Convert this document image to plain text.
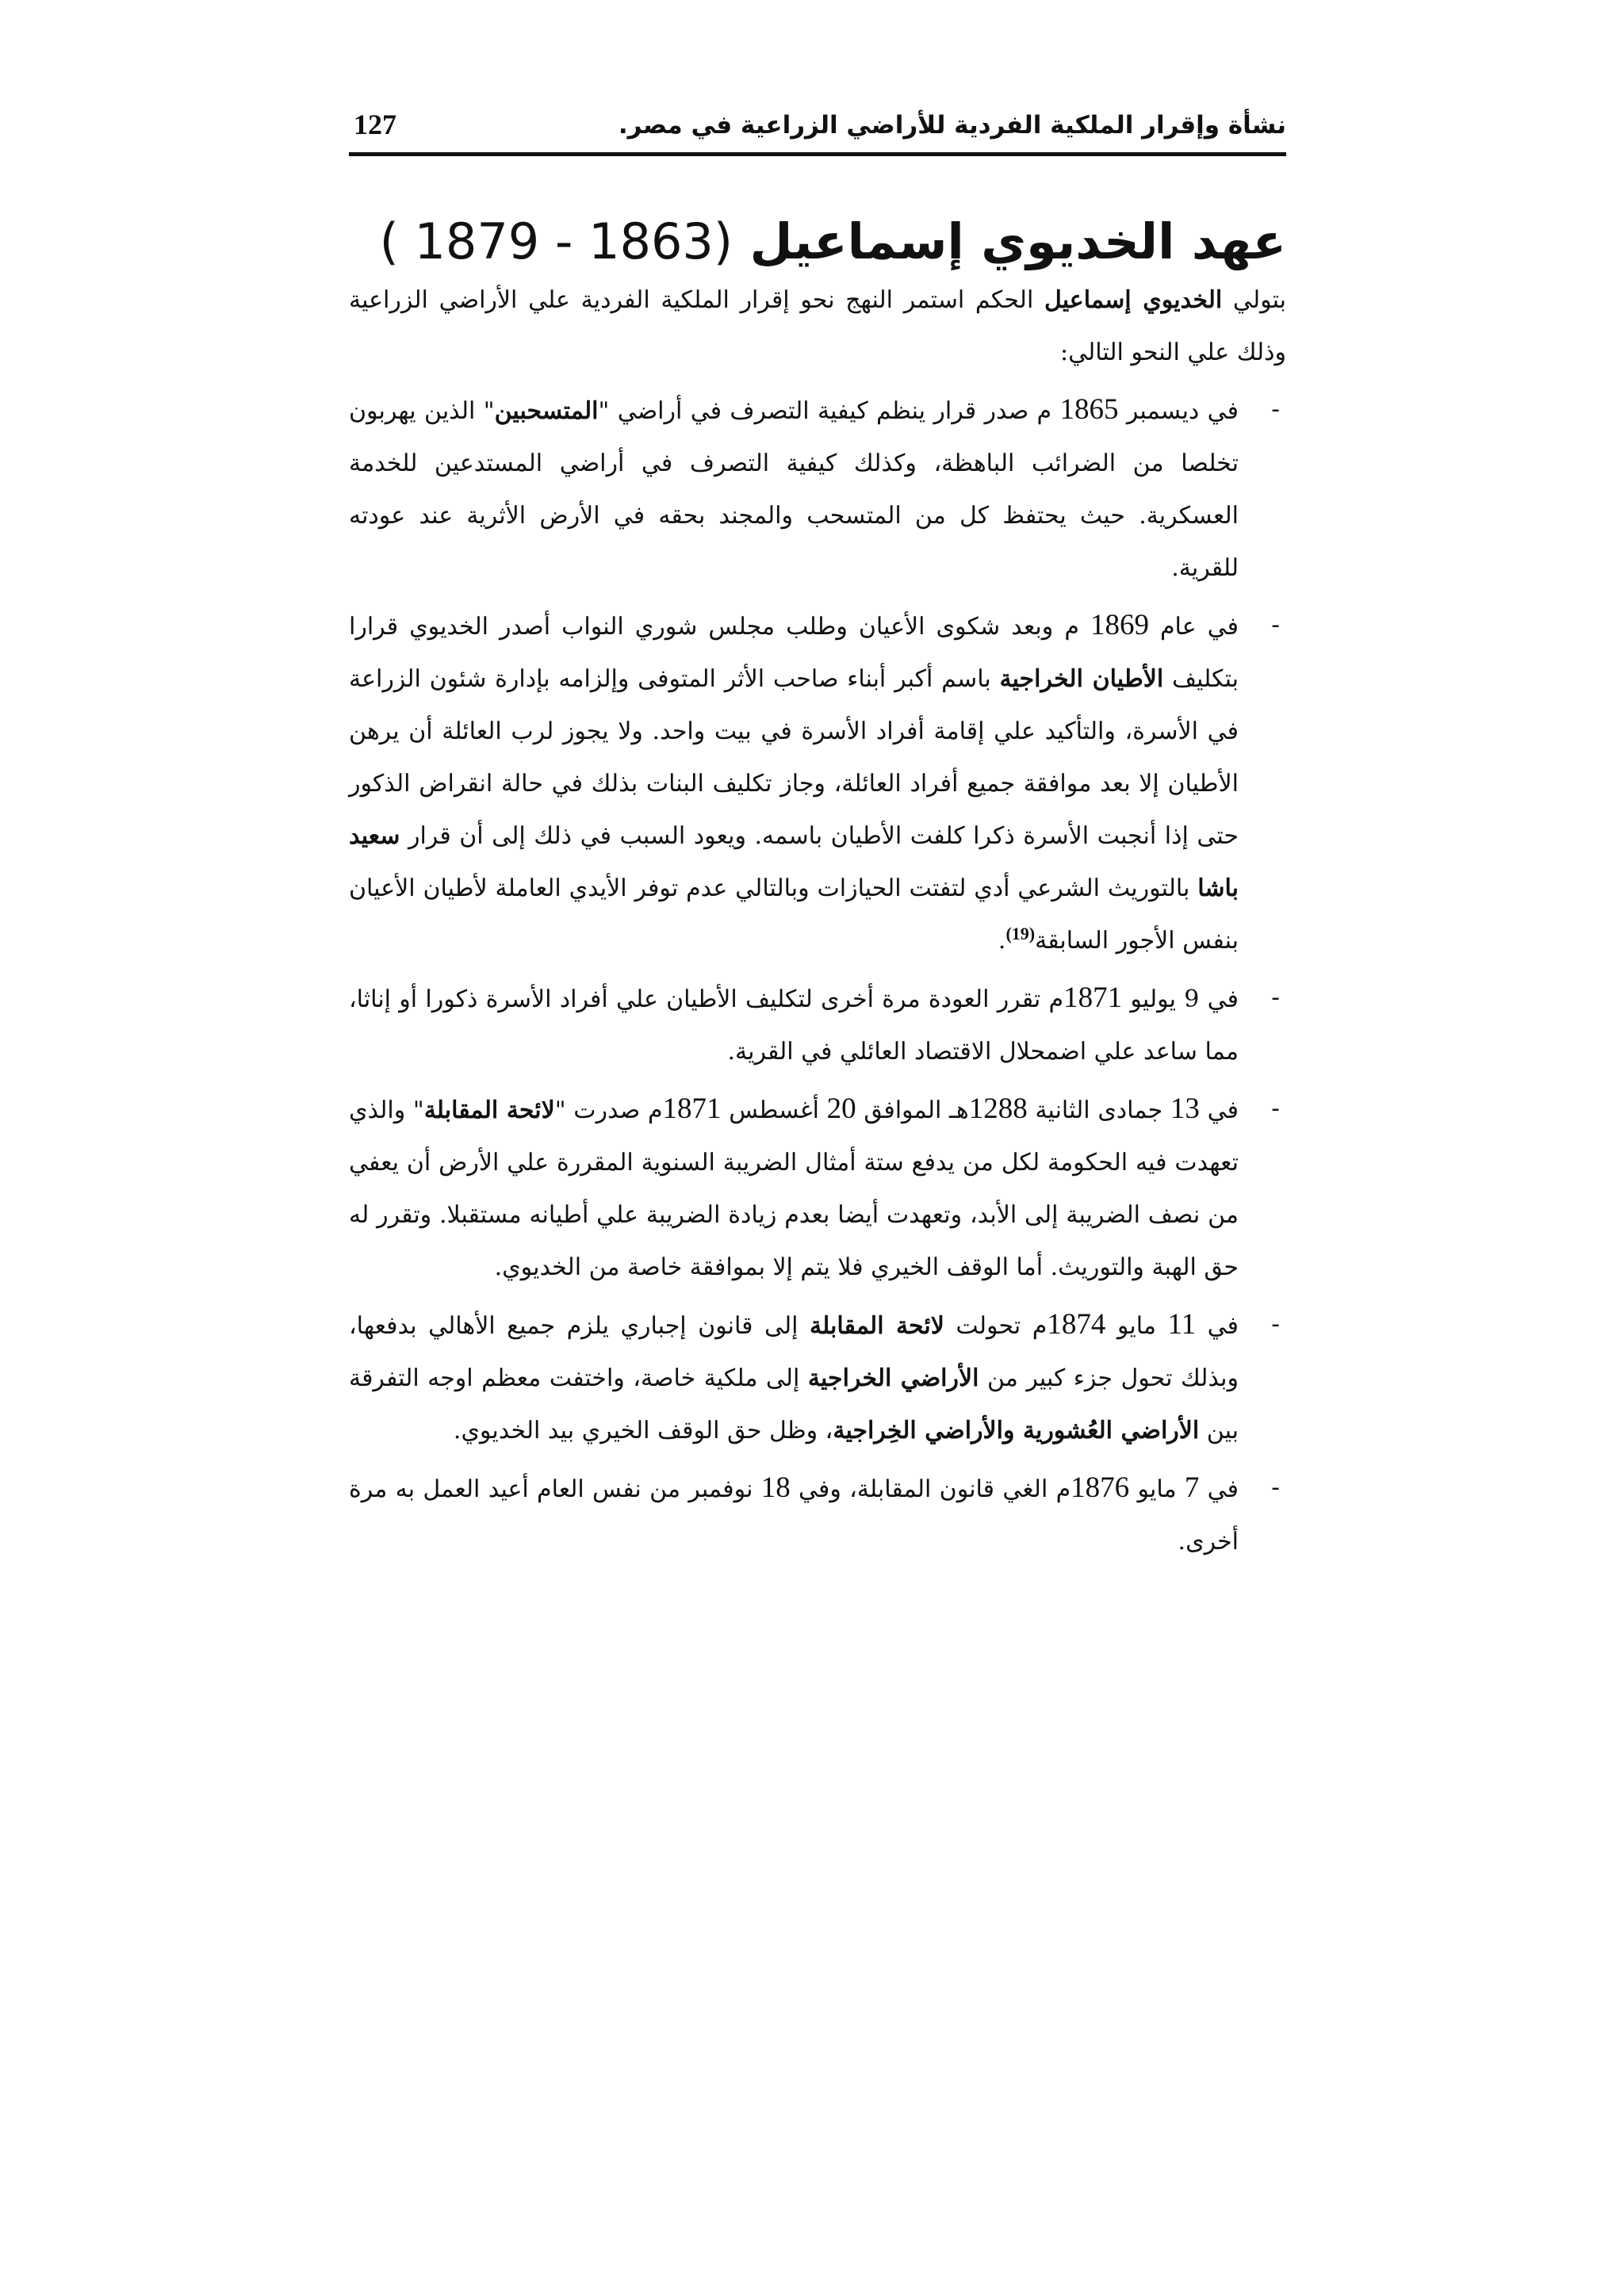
نشأة وإقرار الملكية الفردية للأراضي الزراعية في مصر.
127
عهد الخديوي إسماعيل (1863 - 1879 )

بتولي الخديوي إسماعيل الحكم استمر النهج نحو إقرار الملكية الفردية علي الأراضي الزراعية وذلك علي النحو التالي:

-
في ديسمبر 1865 م صدر قرار ينظم كيفية التصرف في أراضي "المتسحبين" الذين يهربون تخلصا من الضرائب الباهظة، وكذلك كيفية التصرف في أراضي المستدعين للخدمة العسكرية. حيث يحتفظ كل من المتسحب والمجند بحقه في الأرض الأثرية عند عودته للقرية.
-
في عام 1869 م وبعد شكوى الأعيان وطلب مجلس شوري النواب أصدر الخديوي قرارا بتكليف الأطيان الخراجية باسم أكبر أبناء صاحب الأثر المتوفى وإلزامه بإدارة شئون الزراعة في الأسرة، والتأكيد علي إقامة أفراد الأسرة في بيت واحد. ولا يجوز لرب العائلة أن يرهن الأطيان إلا بعد موافقة جميع أفراد العائلة، وجاز تكليف البنات بذلك في حالة انقراض الذكور حتى إذا أنجبت الأسرة ذكرا كلفت الأطيان باسمه. ويعود السبب في ذلك إلى أن قرار سعيد باشا بالتوريث الشرعي أدي لتفتت الحيازات وبالتالي عدم توفر الأيدي العاملة لأطيان الأعيان بنفس الأجور السابقة$^{(19)}$.
-
في 9 يوليو 1871م تقرر العودة مرة أخرى لتكليف الأطيان علي أفراد الأسرة ذكورا أو إناثا، مما ساعد علي اضمحلال الاقتصاد العائلي في القرية.
-
في 13 جمادى الثانية 1288هـ الموافق 20 أغسطس 1871م صدرت "لائحة المقابلة" والذي تعهدت فيه الحكومة لكل من يدفع ستة أمثال الضريبة السنوية المقررة علي الأرض أن يعفي من نصف الضريبة إلى الأبد، وتعهدت أيضا بعدم زيادة الضريبة علي أطيانه مستقبلا. وتقرر له حق الهبة والتوريث. أما الوقف الخيري فلا يتم إلا بموافقة خاصة من الخديوي.
-
في 11 مايو 1874م تحولت لائحة المقابلة إلى قانون إجباري يلزم جميع الأهالي بدفعها، وبذلك تحول جزء كبير من الأراضي الخراجية إلى ملكية خاصة، واختفت معظم اوجه التفرقة بين الأراضي العُشورية والأراضي الخِراجية، وظل حق الوقف الخيري بيد الخديوي.
-
في 7 مايو 1876م الغي قانون المقابلة، وفي 18 نوفمبر من نفس العام أعيد العمل به مرة أخرى.
